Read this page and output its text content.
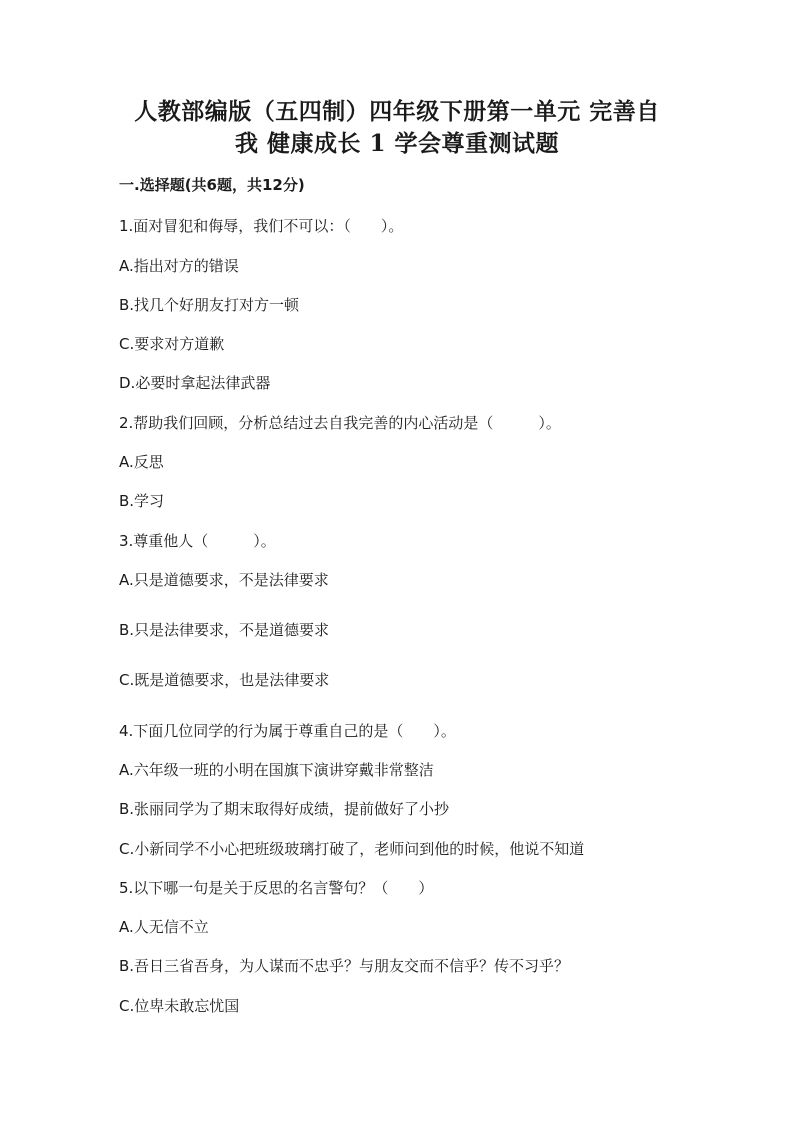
人教部编版（五四制）四年级下册第一单元 完善自
我 健康成长 1 学会尊重测试题
一.选择题(共6题，共12分)
1.面对冒犯和侮辱，我们不可以：（　　）。
A.指出对方的错误
B.找几个好朋友打对方一顿
C.要求对方道歉
D.必要时拿起法律武器
2.帮助我们回顾，分析总结过去自我完善的内心活动是（　　　）。
A.反思
B.学习
3.尊重他人（　　　）。
A.只是道德要求，不是法律要求
B.只是法律要求，不是道德要求
C.既是道德要求，也是法律要求
4.下面几位同学的行为属于尊重自己的是（　　）。
A.六年级一班的小明在国旗下演讲穿戴非常整洁
B.张丽同学为了期末取得好成绩，提前做好了小抄
C.小新同学不小心把班级玻璃打破了，老师问到他的时候，他说不知道
5.以下哪一句是关于反思的名言警句？（　　）
A.人无信不立
B.吾日三省吾身，为人谋而不忠乎？与朋友交而不信乎？传不习乎？
C.位卑未敢忘忧国
